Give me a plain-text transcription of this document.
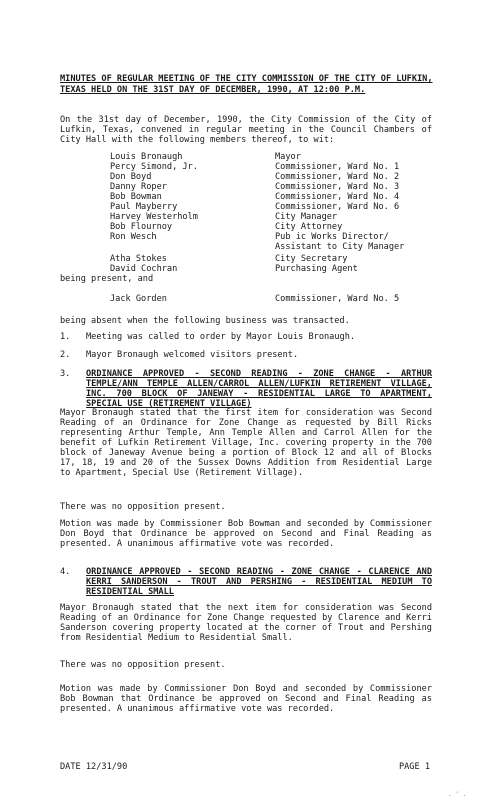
MINUTES OF REGULAR MEETING OF THE CITY COMMISSION OF THE CITY OF LUFKIN, TEXAS HELD ON THE 31ST DAY OF DECEMBER, 1990, AT 12:00 P.M.
On the 31st day of December, 1990, the City Commission of the City of Lufkin, Texas, convened in regular meeting in the Council Chambers of City Hall with the following members thereof, to wit:
Louis Bronaugh	Mayor
Percy Simond, Jr.	Commissioner, Ward No. 1
Don Boyd	Commissioner, Ward No. 2
Danny Roper	Commissioner, Ward No. 3
Bob Bowman	Commissioner, Ward No. 4
Paul Mayberry	Commissioner, Ward No. 6
Harvey Westerholm	City Manager
Bob Flournoy	City Attorney
Ron Wesch	Pub ic Works Director/
Assistant to City Manager
Atha Stokes	City Secretary
David Cochran	Purchasing Agent
being present, and
Jack Gorden	Commissioner, Ward No. 5
being absent when the following business was transacted.
1.	Meeting was called to order by Mayor Louis Bronaugh.
2.	Mayor Bronaugh welcomed visitors present.
3.	ORDINANCE APPROVED - SECOND READING - ZONE CHANGE - ARTHUR TEMPLE/ANN TEMPLE ALLEN/CARROL ALLEN/LUFKIN RETIREMENT VILLAGE, INC. 700 BLOCK OF JANEWAY - RESIDENTIAL LARGE TO APARTMENT, SPECIAL USE (RETIREMENT VILLAGE)
Mayor Bronaugh stated that the first item for consideration was Second Reading of an Ordinance for Zone Change as requested by Bill Ricks representing Arthur Temple, Ann Temple Allen and Carrol Allen for the benefit of Lufkin Retirement Village, Inc. covering property in the 700 block of Janeway Avenue being a portion of Block 12 and all of Blocks 17, 18, 19 and 20 of the Sussex Downs Addition from Residential Large to Apartment, Special Use (Retirement Village).
There was no opposition present.
Motion was made by Commissioner Bob Bowman and seconded by Commissioner Don Boyd that Ordinance be approved on Second and Final Reading as presented. A unanimous affirmative vote was recorded.
4.	ORDINANCE APPROVED - SECOND READING - ZONE CHANGE - CLARENCE AND KERRI SANDERSON - TROUT AND PERSHING - RESIDENTIAL MEDIUM TO RESIDENTIAL SMALL
Mayor Bronaugh stated that the next item for consideration was Second Reading of an Ordinance for Zone Change requested by Clarence and Kerri Sanderson covering property located at the corner of Trout and Pershing from Residential Medium to Residential Small.
There was no opposition present.
Motion was made by Commissioner Don Boyd and seconded by Commissioner Bob Bowman that Ordinance be approved on Second and Final Reading as presented. A unanimous affirmative vote was recorded.
DATE 12/31/90	PAGE 1
. ' .
